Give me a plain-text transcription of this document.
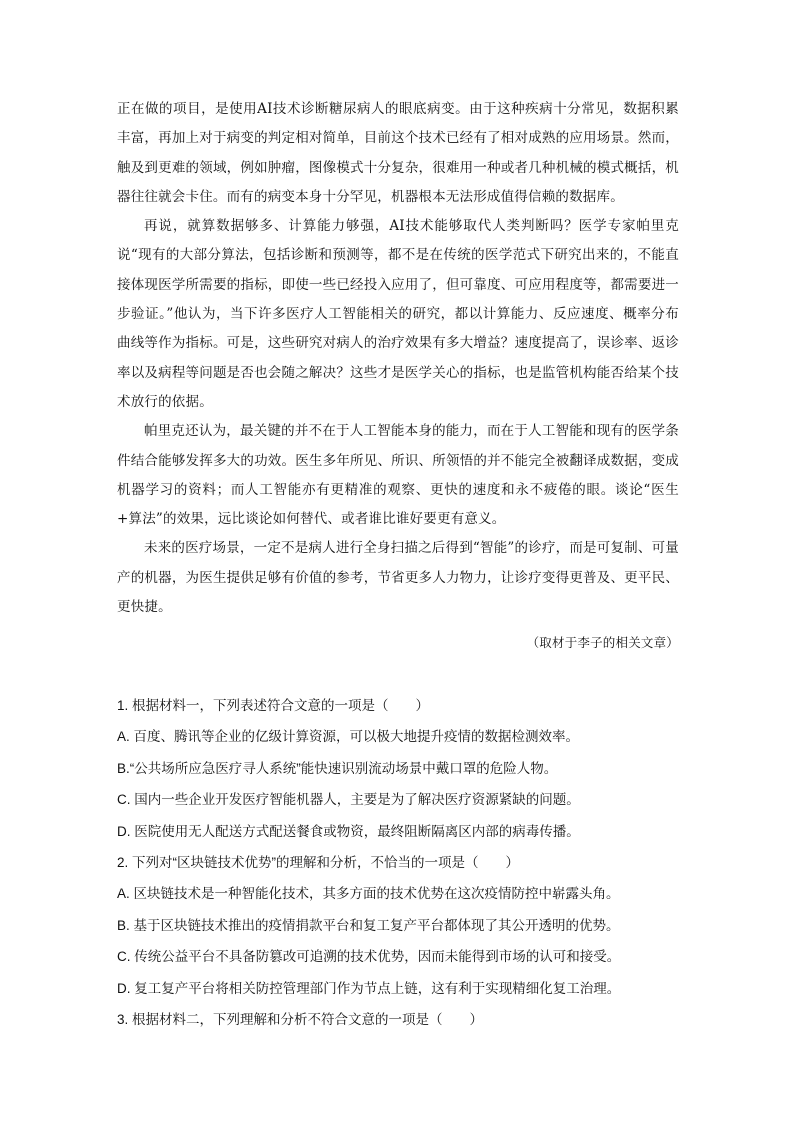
正在做的项目，是使用AI技术诊断糖尿病人的眼底病变。由于这种疾病十分常见，数据积累丰富，再加上对于病变的判定相对简单，目前这个技术已经有了相对成熟的应用场景。然而，触及到更难的领域，例如肿瘤，图像模式十分复杂，很难用一种或者几种机械的模式概括，机器往往就会卡住。而有的病变本身十分罕见，机器根本无法形成值得信赖的数据库。

再说，就算数据够多、计算能力够强，AI技术能够取代人类判断吗？医学专家帕里克说“现有的大部分算法，包括诊断和预测等，都不是在传统的医学范式下研究出来的，不能直接体现医学所需要的指标，即使一些已经投入应用了，但可靠度、可应用程度等，都需要进一步验证。”他认为，当下许多医疗人工智能相关的研究，都以计算能力、反应速度、概率分布曲线等作为指标。可是，这些研究对病人的治疗效果有多大增益？速度提高了，误诊率、返诊率以及病程等问题是否也会随之解决？这些才是医学关心的指标，也是监管机构能否给某个技术放行的依据。

帕里克还认为，最关键的并不在于人工智能本身的能力，而在于人工智能和现有的医学条件结合能够发挥多大的功效。医生多年所见、所识、所领悟的并不能完全被翻译成数据，变成机器学习的资料；而人工智能亦有更精准的观察、更快的速度和永不疲倦的眼。谈论“医生+算法”的效果，远比谈论如何替代、或者谁比谁好要更有意义。

未来的医疗场景，一定不是病人进行全身扫描之后得到“智能”的诊疗，而是可复制、可量产的机器，为医生提供足够有价值的参考，节省更多人力物力，让诊疗变得更普及、更平民、更快捷。

（取材于李子的相关文章）

1. 根据材料一，下列表述符合文意的一项是（　　）

A. 百度、腾讯等企业的亿级计算资源，可以极大地提升疫情的数据检测效率。

B.“公共场所应急医疗寻人系统”能快速识别流动场景中戴口罩的危险人物。

C. 国内一些企业开发医疗智能机器人，主要是为了解决医疗资源紧缺的问题。

D. 医院使用无人配送方式配送餐食或物资，最终阻断隔离区内部的病毒传播。

2. 下列对“区块链技术优势”的理解和分析，不恰当的一项是（　　）

A. 区块链技术是一种智能化技术，其多方面的技术优势在这次疫情防控中崭露头角。

B. 基于区块链技术推出的疫情捐款平台和复工复产平台都体现了其公开透明的优势。

C. 传统公益平台不具备防篡改可追溯的技术优势，因而未能得到市场的认可和接受。

D. 复工复产平台将相关防控管理部门作为节点上链，这有利于实现精细化复工治理。

3. 根据材料二，下列理解和分析不符合文意的一项是（　　）
